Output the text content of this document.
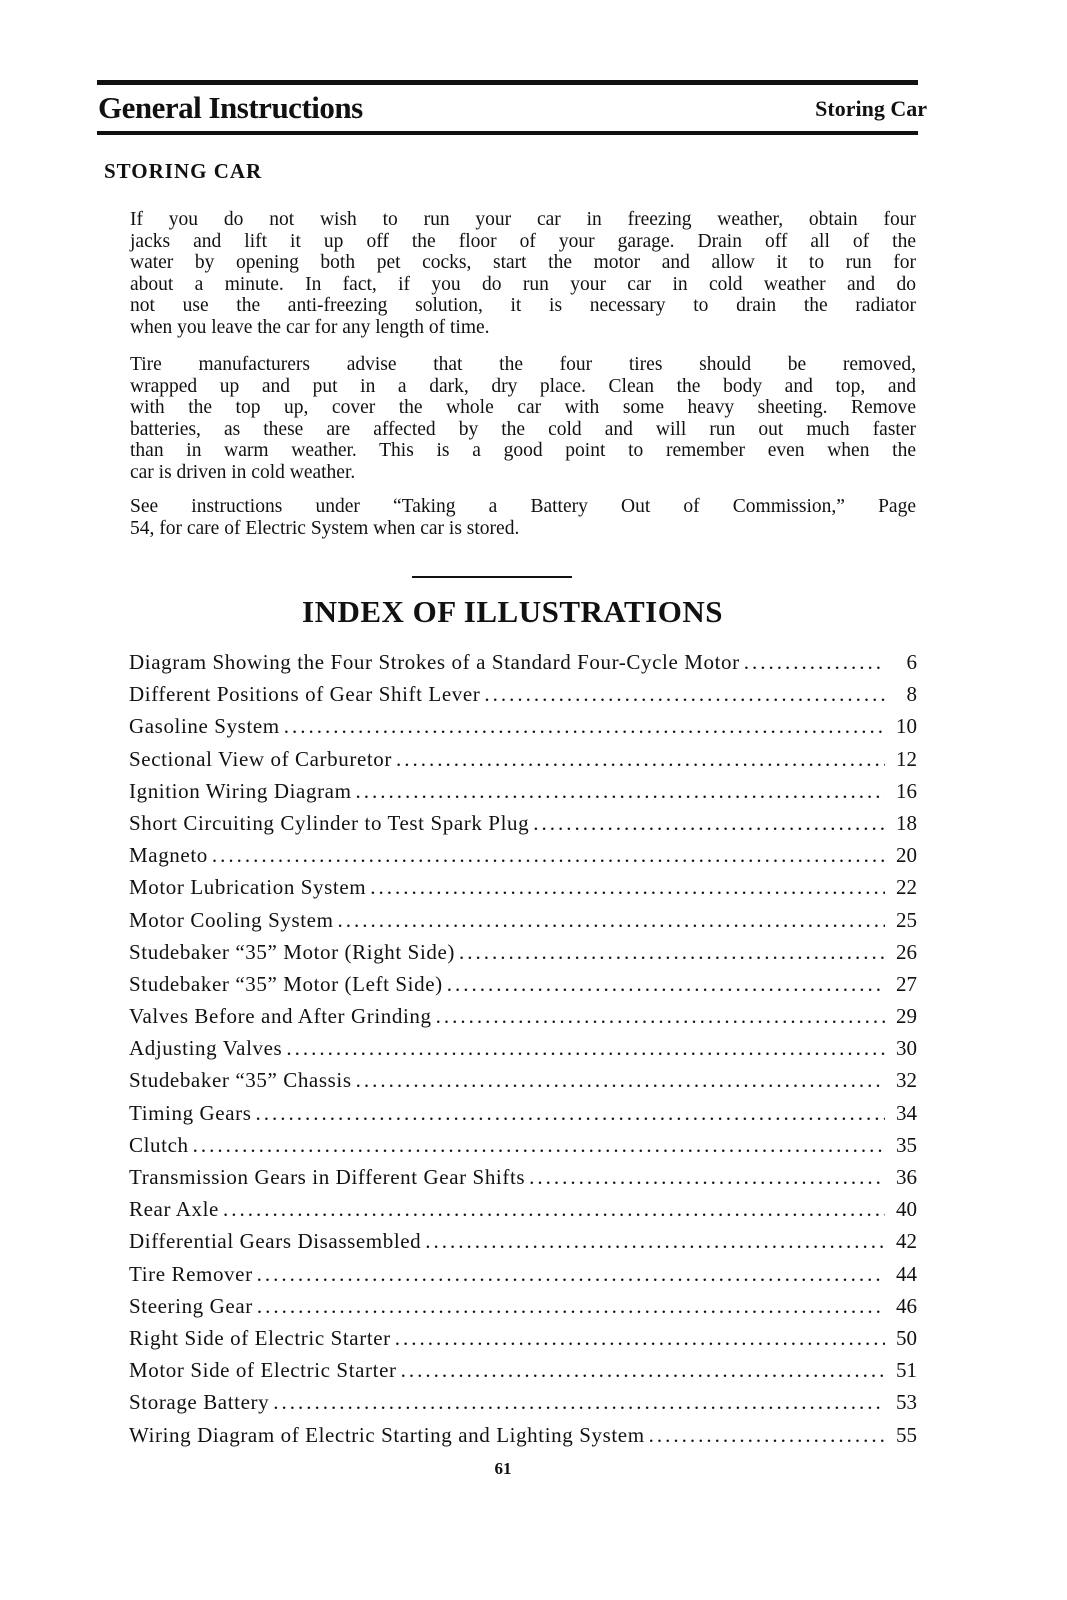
General Instructions	Storing Car
STORING CAR
If you do not wish to run your car in freezing weather, obtain four
jacks and lift it up off the floor of your garage. Drain off all of the
water by opening both pet cocks, start the motor and allow it to run for
about a minute. In fact, if you do run your car in cold weather and do
not use the anti-freezing solution, it is necessary to drain the radiator
when you leave the car for any length of time.
Tire manufacturers advise that the four tires should be removed,
wrapped up and put in a dark, dry place. Clean the body and top, and
with the top up, cover the whole car with some heavy sheeting. Remove
batteries, as these are affected by the cold and will run out much faster
than in warm weather. This is a good point to remember even when the
car is driven in cold weather.
See instructions under “Taking a Battery Out of Commission,” Page
54, for care of Electric System when car is stored.
INDEX OF ILLUSTRATIONS
Diagram Showing the Four Strokes of a Standard Four-Cycle Motor .....	6
Different Positions of Gear Shift Lever .....	8
Gasoline System .....	10
Sectional View of Carburetor .....	12
Ignition Wiring Diagram .....	16
Short Circuiting Cylinder to Test Spark Plug .....	18
Magneto .....	20
Motor Lubrication System .....	22
Motor Cooling System .....	25
Studebaker “35” Motor (Right Side) .....	26
Studebaker “35” Motor (Left Side) .....	27
Valves Before and After Grinding .....	29
Adjusting Valves .....	30
Studebaker “35” Chassis .....	32
Timing Gears .....	34
Clutch .....	35
Transmission Gears in Different Gear Shifts .....	36
Rear Axle .....	40
Differential Gears Disassembled .....	42
Tire Remover .....	44
Steering Gear .....	46
Right Side of Electric Starter .....	50
Motor Side of Electric Starter .....	51
Storage Battery .....	53
Wiring Diagram of Electric Starting and Lighting System .....	55
61
